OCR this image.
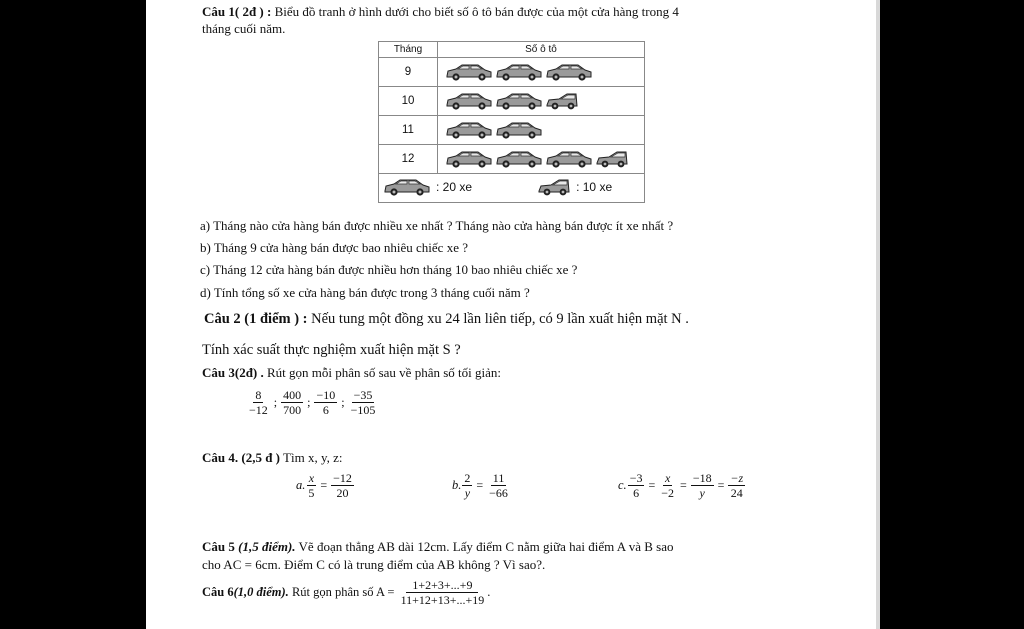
Câu 1( 2đ ) : Biểu đồ tranh ở hình dưới cho biết số ô tô bán được của một cửa hàng trong 4
tháng cuối năm.
Tháng	Số ô tô
9	
10	
11	
12	

: 20 xe
: 10 xe	
a) Tháng nào cửa hàng bán được nhiều xe nhất ? Tháng nào cửa hàng bán được ít xe nhất ?
b) Tháng 9 cửa hàng bán được bao nhiêu chiếc xe ?
c) Tháng 12 cửa hàng bán được nhiều hơn tháng 10 bao nhiêu chiếc xe ?
d) Tính tổng số xe cửa hàng bán được trong 3 tháng cuối năm ?
Câu 2 (1 điểm ) : Nếu tung một đồng xu 24 lần liên tiếp, có 9 lần xuất hiện mặt N .
Tính xác suất thực nghiệm xuất hiện mặt S ?
Câu 3(2đ) . Rút gọn mỗi phân số sau về phân số tối giản:
$\frac{8}{-12}$ ; $\frac{400}{700}$ ; $\frac{-10}{6}$ ; $\frac{-35}{-105}$
Câu 4. (2,5 đ ) Tìm x, y, z:
a. $\frac{x}{5} = \frac{-12}{20}$	b. $\frac{2}{y} = \frac{11}{-66}$	c. $\frac{-3}{6} = \frac{x}{-2} = \frac{-18}{y} = \frac{-z}{24}$
Câu 5 (1,5 điểm). Vẽ đoạn thẳng AB dài 12cm. Lấy điểm C nằm giữa hai điểm A và B sao
cho AC = 6cm. Điểm C có là trung điểm của AB không ? Vì sao?.
Câu 6 (1,0 điểm). Rút gọn phân số $A = \frac{1+2+3+...+9}{11+12+13+...+19}$ .
